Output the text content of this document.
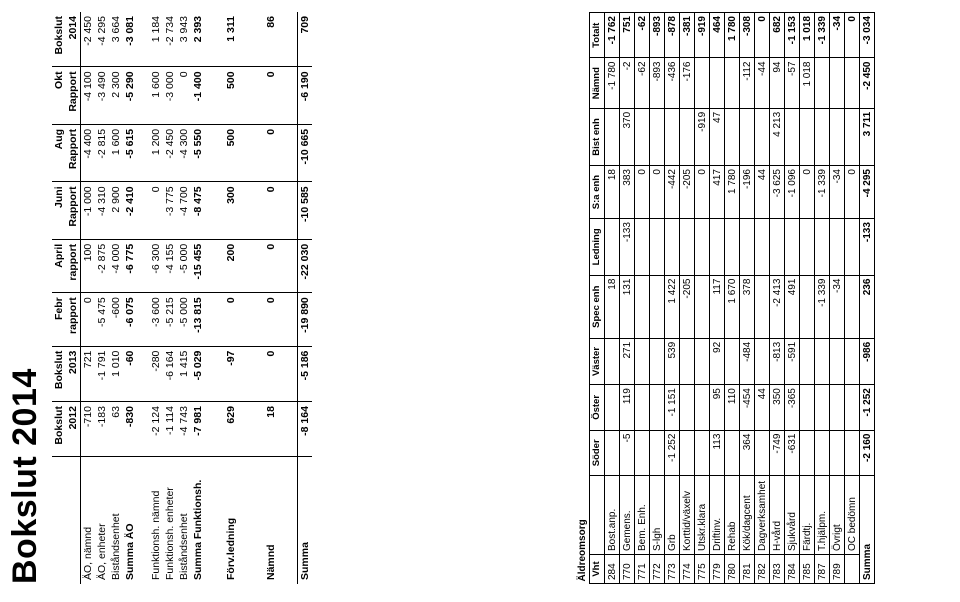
Bokslut 2014
	Bokslut	Bokslut	Febr	April	Juni	Aug	Okt	Bokslut
	2012	2013	rapport	rapport	Rapport	Rapport	Rapport	2014
ÄO, nämnd	-710	721	0	100	-1 000	-4 400	-4 100	-2 450
ÄO, enheter	-183	-1 791	-5 475	-2 875	-4 310	-2 815	-3 490	-4 295
Biståndsenhet	63	1 010	-600	-4 000	2 900	1 600	2 300	3 664
Summa ÄO	-830	-60	-6 075	-6 775	-2 410	-5 615	-5 290	-3 081

Funktionsh. nämnd	-2 124	-280	-3 600	-6 300	0	1 200	1 600	1 184
Funktionsh. enheter	-1 114	-6 164	-5 215	-4 155	-3 775	-2 450	-3 000	-2 734
Biståndsenhet	-4 743	1 415	-5 000	-5 000	-4 700	-4 300	0	3 943
Summa Funktionsh.	-7 981	-5 029	-13 815	-15 455	-8 475	-5 550	-1 400	2 393

Förv.ledning	629	-97	0	200	300	500	500	1 311

Nämnd	18	0	0	0	0	0	0	86

Summa	-8 164	-5 186	-19 890	-22 030	-10 585	-10 665	-6 190	709
Äldreomsorg										
Vht		Söder	Öster	Väster	Spec enh	Ledning	S:a enh	Bist enh	Nämnd	Totalt
284	Bost.anp.				18		18		-1 780	-1 762
770	Gemens.	-5	119	271	131	-133	383	370	-2	751
771	Bem. Enh.						0		-62	-62
772	S-lgh						0		-893	-893
773	Grb	-1 252	-1 151	539	1 422		-442		-436	-878
774	Korttid/växelv				-205		-205		-176	-381
775	Utskr.klara						0	-919		-919
779	Driftinv.	113	95	92	117		417	47		464
780	Rehab		110		1 670		1 780			1 780
781	Kök/dagcent	364	-454	-484	378		-196		-112	-308
782	Dagverksamhet		44				44		-44	0
783	H-vård	-749	350	-813	-2 413		-3 625	4 213	94	682
784	Sjukvård	-631	-365	-591	491		-1 096		-57	-1 153
785	Färdtj.						0		1 018	1 018
787	T.hjälpm.				-1 339		-1 339			-1 339
789	Övrigt				-34		-34			-34
	OC bedömn						0			0
Summa		-2 160	-1 252	-986	236	-133	-4 295	3 711	-2 450	-3 034
